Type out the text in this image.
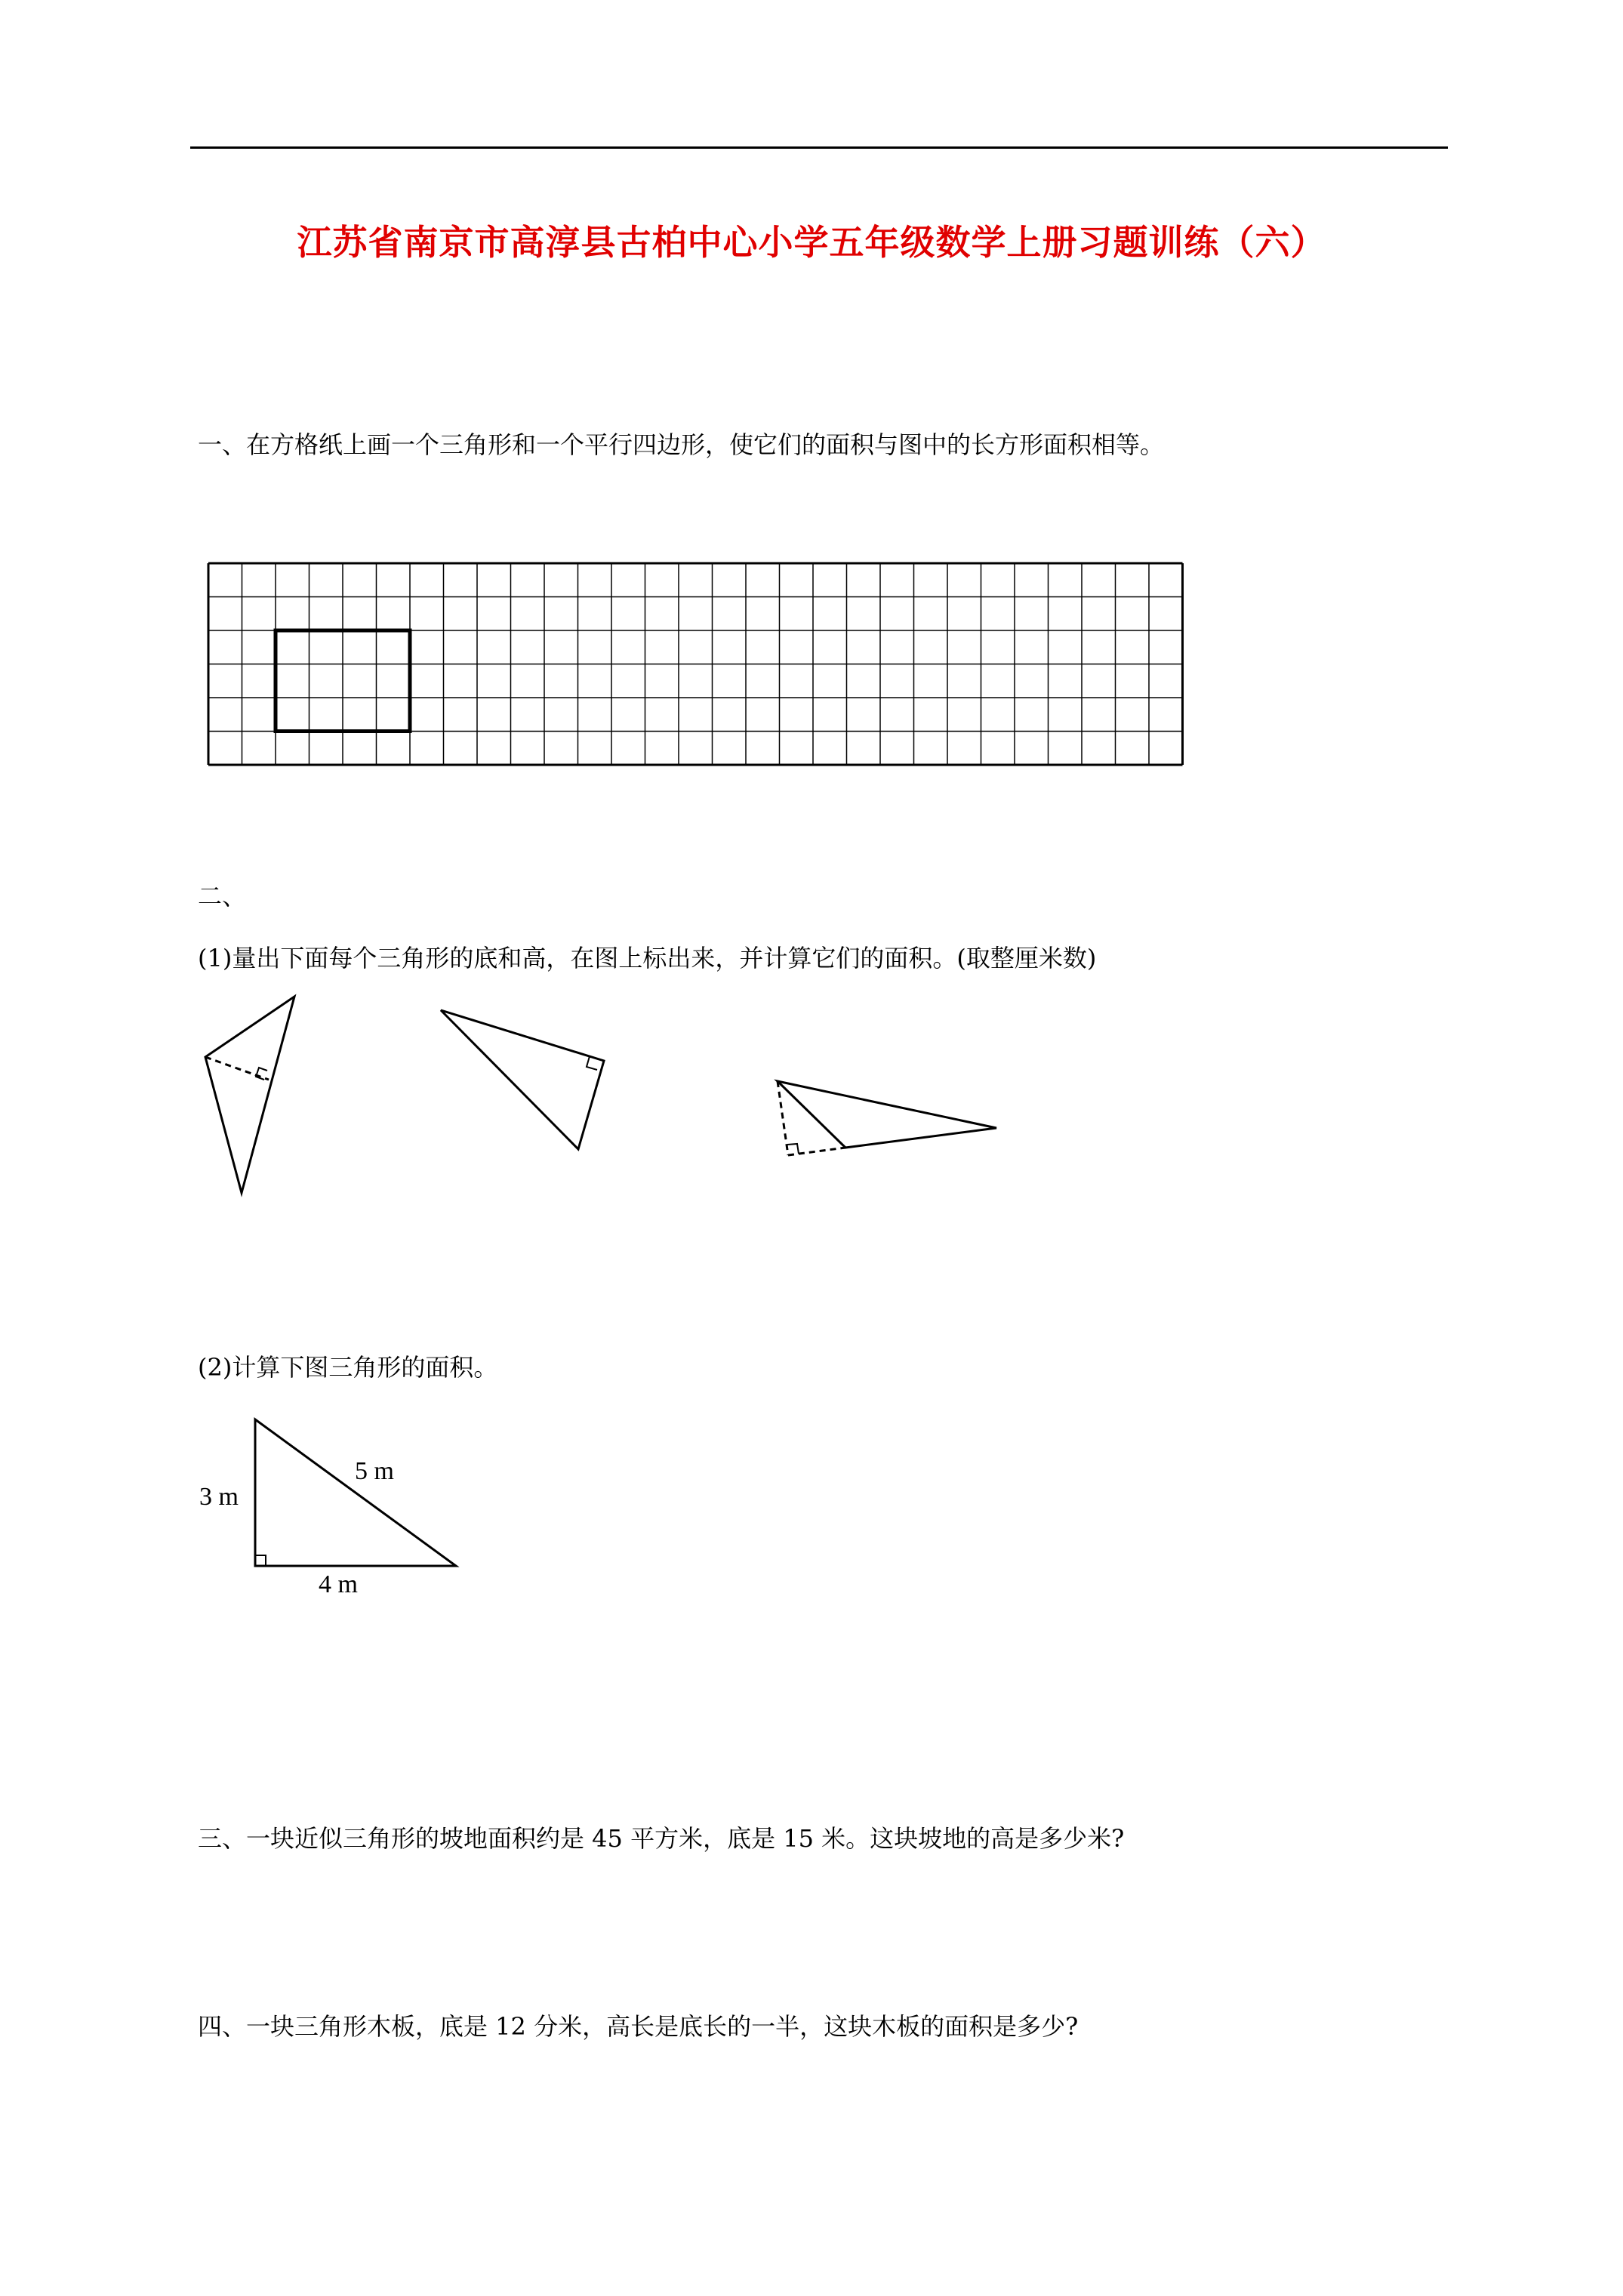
江苏省南京市高淳县古柏中心小学五年级数学上册习题训练（六）
一、在方格纸上画一个三角形和一个平行四边形，使它们的面积与图中的长方形面积相等。
二、
(1)量出下面每个三角形的底和高，在图上标出来，并计算它们的面积。(取整厘米数)
(2)计算下图三角形的面积。
3 m
5 m
4 m
三、一块近似三角形的坡地面积约是 45 平方米，底是 15 米。这块坡地的高是多少米?
四、一块三角形木板，底是 12 分米，高长是底长的一半，这块木板的面积是多少?
